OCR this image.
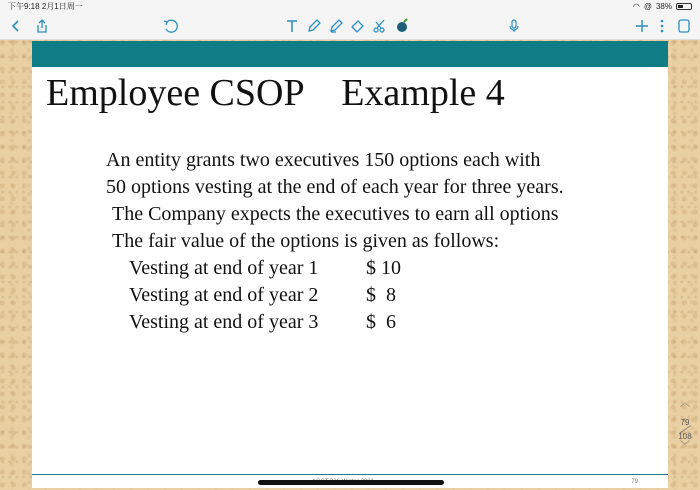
下午9:18 2月1日周一	◠ @ 38%
Employee CSOP    Example 4
An entity grants two executives 150 options each with
50 options vesting at the end of each year for three years.
The Company expects the executives to earn all options
The fair value of the options is given as follows:
Vesting at end of year 1 $ 10
Vesting at end of year 2 $  8
Vesting at end of year 3 $  6
79
︿
79
108
﹀
